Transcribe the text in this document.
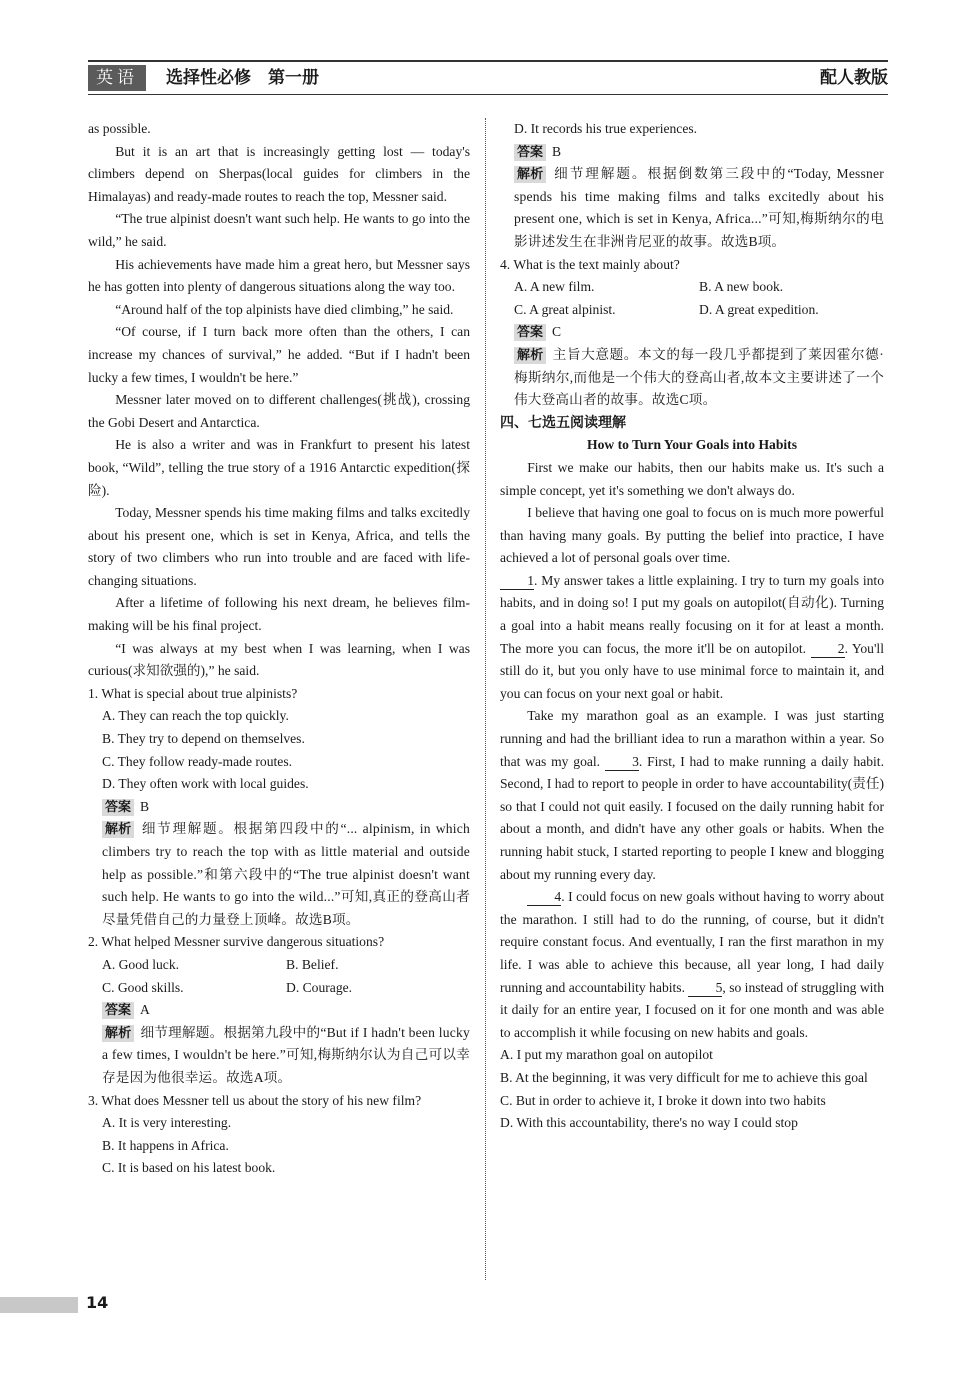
英语	选择性必修　第一册	配人教版

as possible.

But it is an art that is increasingly getting lost — today's climbers depend on Sherpas(local guides for climbers in the Himalayas) and ready-made routes to reach the top, Messner said.

“The true alpinist doesn't want such help. He wants to go into the wild,” he said.

His achievements have made him a great hero, but Messner says he has gotten into plenty of dangerous situations along the way too.

“Around half of the top alpinists have died climbing,” he said.

“Of course, if I turn back more often than the others, I can increase my chances of survival,” he added. “But if I hadn't been lucky a few times, I wouldn't be here.”

Messner later moved on to different challenges(挑战), crossing the Gobi Desert and Antarctica.

He is also a writer and was in Frankfurt to present his latest book, “Wild”, telling the true story of a 1916 Antarctic expedition(探险).

Today, Messner spends his time making films and talks excitedly about his present one, which is set in Kenya, Africa, and tells the story of two climbers who run into trouble and are faced with life-changing situations.

After a lifetime of following his next dream, he believes film-making will be his final project.

“I was always at my best when I was learning, when I was curious(求知欲强的),” he said.

1. What is special about true alpinists?

A. They can reach the top quickly.

B. They try to depend on themselves.

C. They follow ready-made routes.

D. They often work with local guides.

答案 B

解析 细节理解题。根据第四段中的“... alpinism, in which climbers try to reach the top with as little material and outside help as possible.”和第六段中的“The true alpinist doesn't want such help. He wants to go into the wild...”可知,真正的登高山者尽量凭借自己的力量登上顶峰。故选B项。

2. What helped Messner survive dangerous situations?

A. Good luck.	B. Belief.
C. Good skills.	D. Courage.

答案 A

解析 细节理解题。根据第九段中的“But if I hadn't been lucky a few times, I wouldn't be here.”可知,梅斯纳尔认为自己可以幸存是因为他很幸运。故选A项。

3. What does Messner tell us about the story of his new film?

A. It is very interesting.

B. It happens in Africa.

C. It is based on his latest book.

D. It records his true experiences.

答案 B

解析 细节理解题。根据倒数第三段中的“Today, Messner spends his time making films and talks excitedly about his present one, which is set in Kenya, Africa...”可知,梅斯纳尔的电影讲述发生在非洲肯尼亚的故事。故选B项。

4. What is the text mainly about?

A. A new film.	B. A new book.
C. A great alpinist.	D. A great expedition.

答案 C

解析 主旨大意题。本文的每一段几乎都提到了莱因霍尔德·梅斯纳尔,而他是一个伟大的登高山者,故本文主要讲述了一个伟大登高山者的故事。故选C项。

四、七选五阅读理解

How to Turn Your Goals into Habits

First we make our habits, then our habits make us. It's such a simple concept, yet it's something we don't always do.

I believe that having one goal to focus on is much more powerful than having many goals. By putting the belief into practice, I have achieved a lot of personal goals over time.
1. My answer takes a little explaining. I try to turn my goals into habits, and in doing so! I put my goals on autopilot(自动化). Turning a goal into a habit means really focusing on it for at least a month. The more you can focus, the more it'll be on autopilot. 2. You'll still do it, but you only have to use minimal force to maintain it, and you can focus on your next goal or habit.

Take my marathon goal as an example. I was just starting running and had the brilliant idea to run a marathon within a year. So that was my goal. 3. First, I had to make running a daily habit. Second, I had to report to people in order to have accountability(责任) so that I could not quit easily. I focused on the daily running habit for about a month, and didn't have any other goals or habits. When the running habit stuck, I started reporting to people I knew and blogging about my running every day.

4. I could focus on new goals without having to worry about the marathon. I still had to do the running, of course, but it didn't require constant focus. And eventually, I ran the first marathon in my life. I was able to achieve this because, all year long, I had daily running and accountability habits. 5, so instead of struggling with it daily for an entire year, I focused on it for one month and was able to accomplish it while focusing on new habits and goals.

A. I put my marathon goal on autopilot

B. At the beginning, it was very difficult for me to achieve this goal

C. But in order to achieve it, I broke it down into two habits

D. With this accountability, there's no way I could stop

14
